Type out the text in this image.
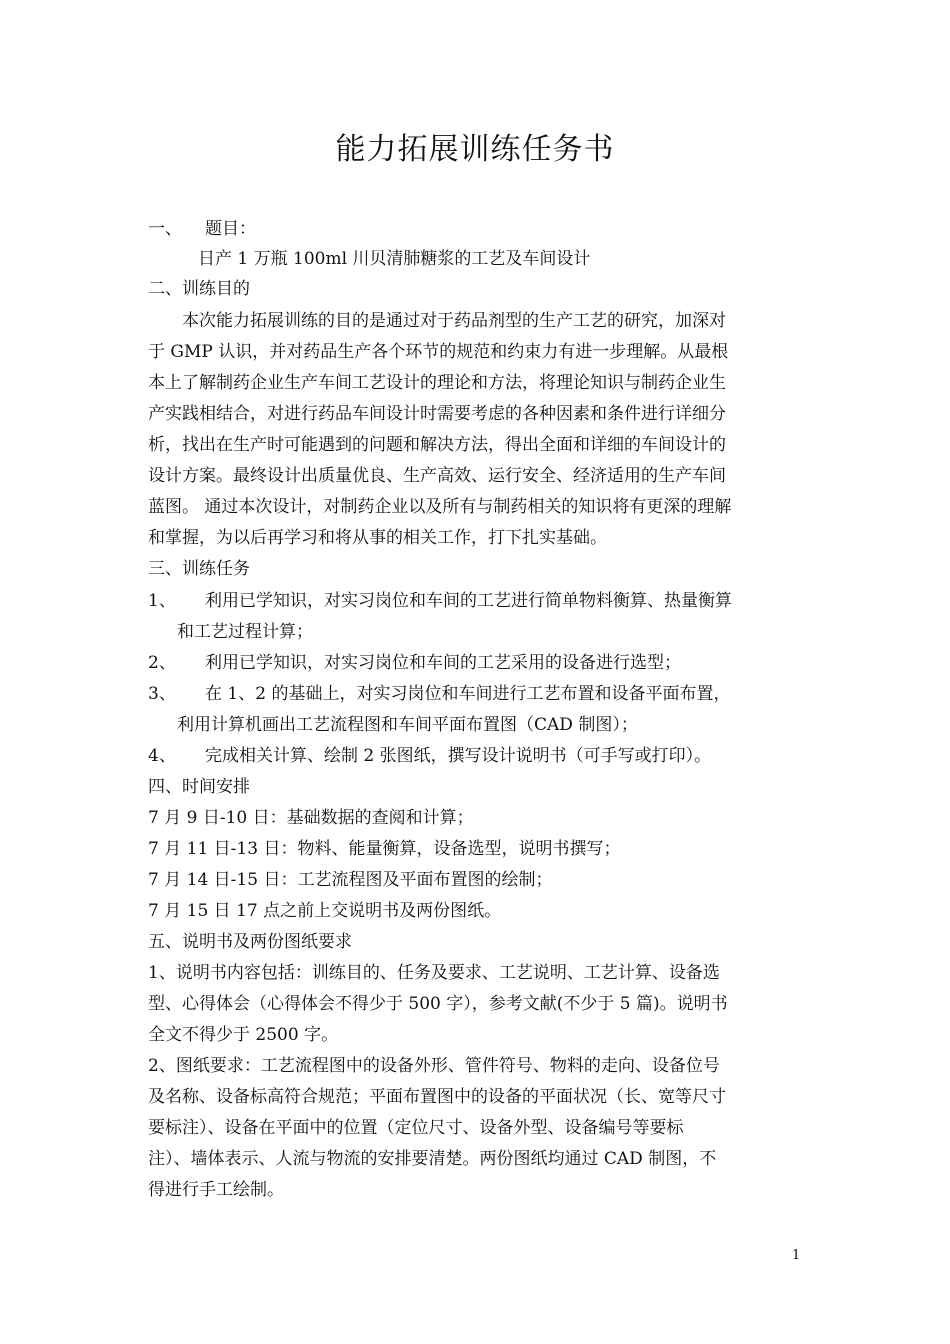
能力拓展训练任务书
一、 题目：
日产 1 万瓶 100ml 川贝清肺糖浆的工艺及车间设计
二、训练目的
本次能力拓展训练的目的是通过对于药品剂型的生产工艺的研究，加深对
于 GMP 认识，并对药品生产各个环节的规范和约束力有进一步理解。从最根
本上了解制药企业生产车间工艺设计的理论和方法，将理论知识与制药企业生
产实践相结合，对进行药品车间设计时需要考虑的各种因素和条件进行详细分
析，找出在生产时可能遇到的问题和解决方法，得出全面和详细的车间设计的
设计方案。最终设计出质量优良、生产高效、运行安全、经济适用的生产车间
蓝图。 通过本次设计，对制药企业以及所有与制药相关的知识将有更深的理解
和掌握，为以后再学习和将从事的相关工作，打下扎实基础。
三、训练任务
1、 利用已学知识，对实习岗位和车间的工艺进行简单物料衡算、热量衡算
和工艺过程计算；
2、 利用已学知识，对实习岗位和车间的工艺采用的设备进行选型；
3、 在 1、2 的基础上，对实习岗位和车间进行工艺布置和设备平面布置，
利用计算机画出工艺流程图和车间平面布置图（CAD 制图）；
4、 完成相关计算、绘制 2 张图纸，撰写设计说明书（可手写或打印）。
四、时间安排
7 月 9 日-10 日：基础数据的查阅和计算；
7 月 11 日-13 日：物料、能量衡算，设备选型，说明书撰写；
7 月 14 日-15 日：工艺流程图及平面布置图的绘制；
7 月 15 日 17 点之前上交说明书及两份图纸。
五、说明书及两份图纸要求
1、说明书内容包括：训练目的、任务及要求、工艺说明、工艺计算、设备选
型、心得体会（心得体会不得少于 500 字），参考文献(不少于 5 篇)。说明书
全文不得少于 2500 字。
2、图纸要求：工艺流程图中的设备外形、管件符号、物料的走向、设备位号
及名称、设备标高符合规范；平面布置图中的设备的平面状况（长、宽等尺寸
要标注）、设备在平面中的位置（定位尺寸、设备外型、设备编号等要标
注）、墙体表示、人流与物流的安排要清楚。两份图纸均通过 CAD 制图，不
得进行手工绘制。
1
